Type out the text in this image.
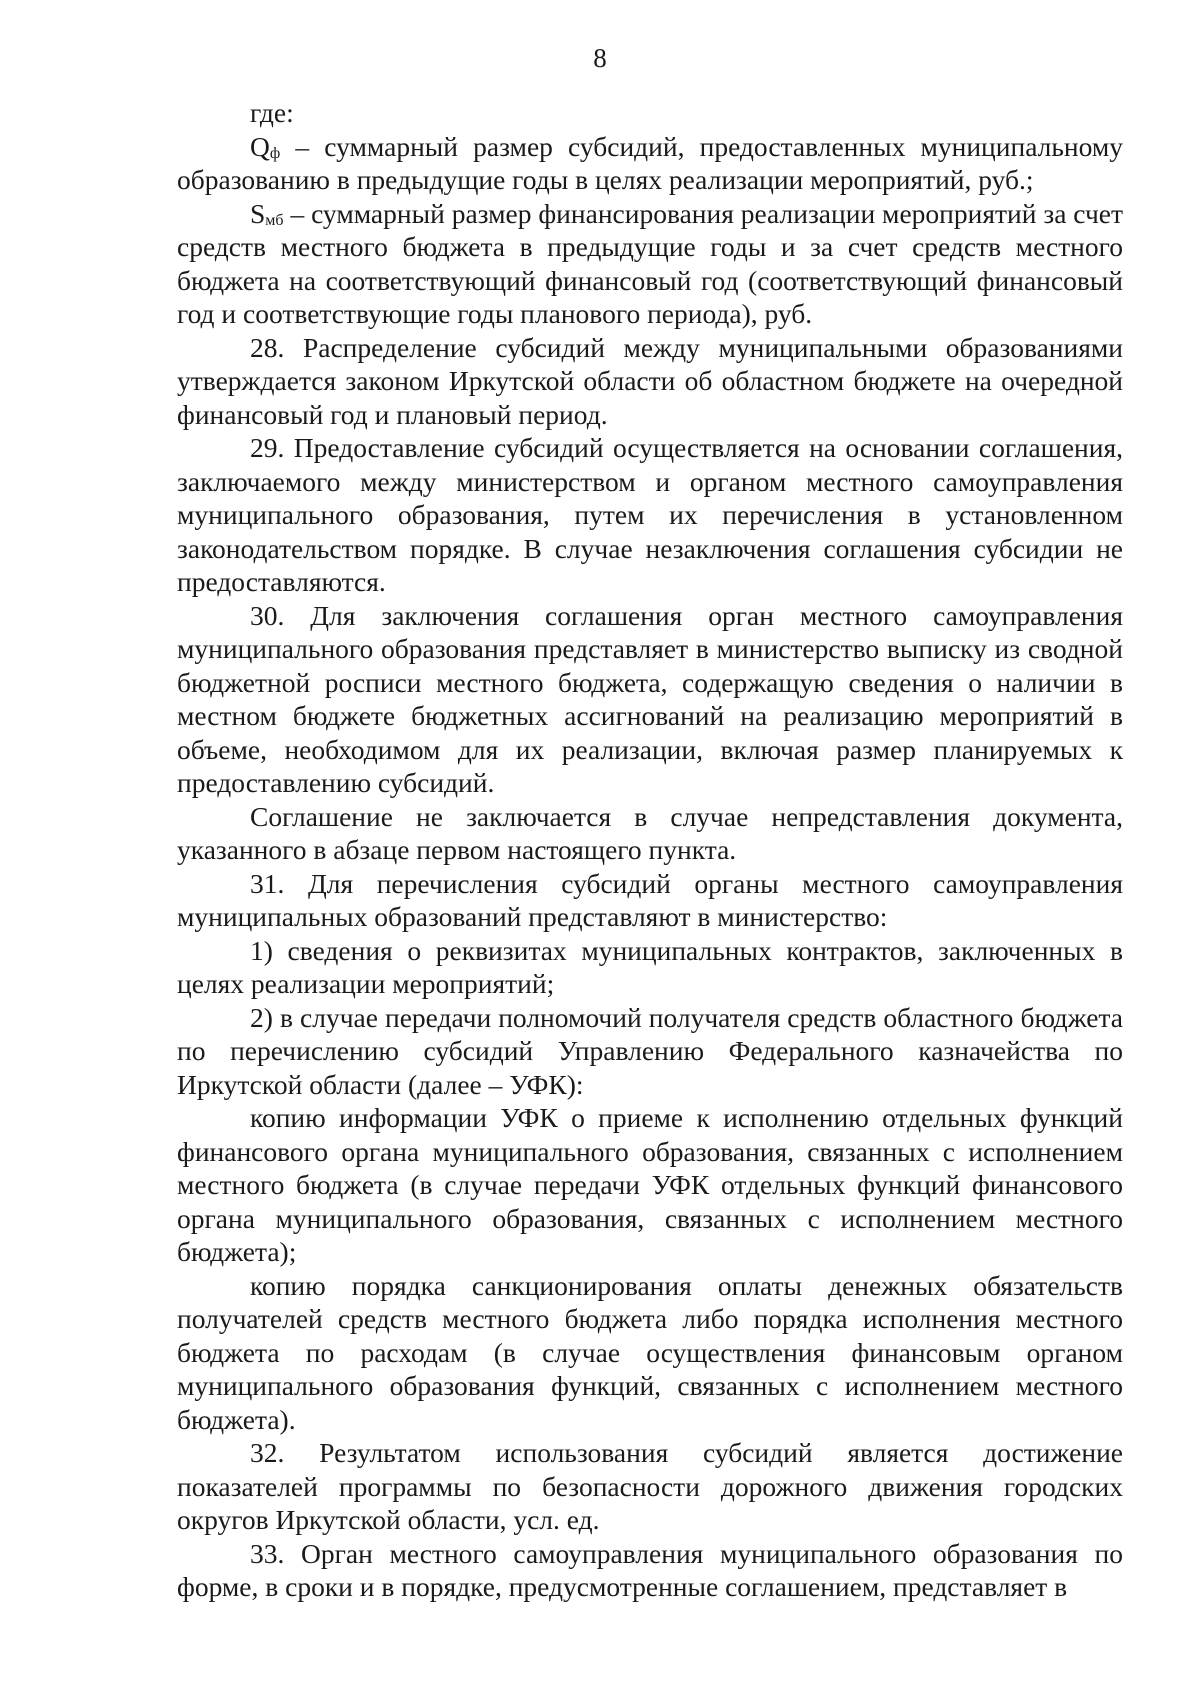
8

где:

Qф – суммарный размер субсидий, предоставленных муниципальному образованию в предыдущие годы в целях реализации мероприятий, руб.;

Sмб – суммарный размер финансирования реализации мероприятий за счет средств местного бюджета в предыдущие годы и за счет средств местного бюджета на соответствующий финансовый год (соответствующий финансовый год и соответствующие годы планового периода), руб.

28. Распределение субсидий между муниципальными образованиями утверждается законом Иркутской области об областном бюджете на очередной финансовый год и плановый период.

29. Предоставление субсидий осуществляется на основании соглашения, заключаемого между министерством и органом местного самоуправления муниципального образования, путем их перечисления в установленном законодательством порядке. В случае незаключения соглашения субсидии не предоставляются.

30. Для заключения соглашения орган местного самоуправления муниципального образования представляет в министерство выписку из сводной бюджетной росписи местного бюджета, содержащую сведения о наличии в местном бюджете бюджетных ассигнований на реализацию мероприятий в объеме, необходимом для их реализации, включая размер планируемых к предоставлению субсидий.

Соглашение не заключается в случае непредставления документа, указанного в абзаце первом настоящего пункта.

31. Для перечисления субсидий органы местного самоуправления муниципальных образований представляют в министерство:

1) сведения о реквизитах муниципальных контрактов, заключенных в целях реализации мероприятий;

2) в случае передачи полномочий получателя средств областного бюджета по перечислению субсидий Управлению Федерального казначейства по Иркутской области (далее – УФК):

копию информации УФК о приеме к исполнению отдельных функций финансового органа муниципального образования, связанных с исполнением местного бюджета (в случае передачи УФК отдельных функций финансового органа муниципального образования, связанных с исполнением местного бюджета);

копию порядка санкционирования оплаты денежных обязательств получателей средств местного бюджета либо порядка исполнения местного бюджета по расходам (в случае осуществления финансовым органом муниципального образования функций, связанных с исполнением местного бюджета).

32. Результатом использования субсидий является достижение показателей программы по безопасности дорожного движения городских округов Иркутской области, усл. ед.

33. Орган местного самоуправления муниципального образования по форме, в сроки и в порядке, предусмотренные соглашением, представляет в
